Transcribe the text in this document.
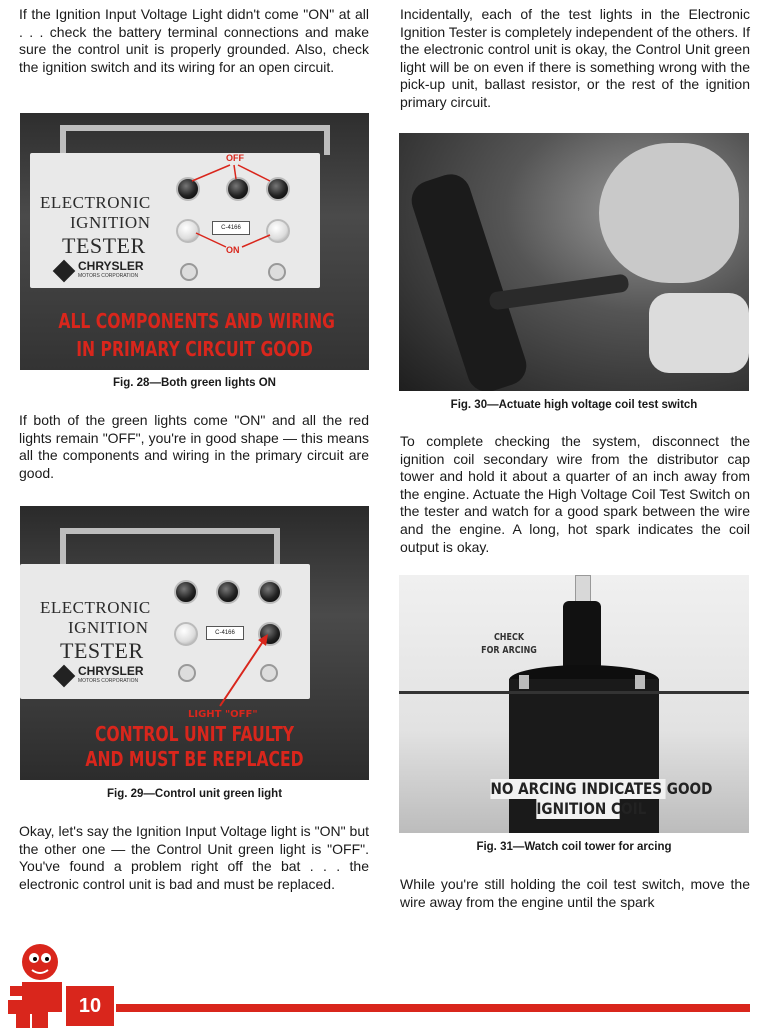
If the Ignition Input Voltage Light didn't come "ON" at all . . . check the battery terminal connections and make sure the control unit is properly grounded. Also, check the ignition switch and its wiring for an open circuit.

ELECTRONIC
IGNITION
TESTER
CHRYSLER
MOTORS CORPORATION
C-4166
OFF
ON
ALL COMPONENTS AND WIRING
IN PRIMARY CIRCUIT GOOD

Fig. 28—Both green lights ON

If both of the green lights come "ON" and all the red lights remain "OFF", you're in good shape — this means all the components and wiring in the primary circuit are good.

ELECTRONIC
IGNITION
TESTER
CHRYSLER
MOTORS CORPORATION
C-4166
LIGHT "OFF"
CONTROL UNIT FAULTY
AND MUST BE REPLACED

Fig. 29—Control unit green light

Okay, let's say the Ignition Input Voltage light is "ON" but the other one — the Control Unit green light is "OFF". You've found a problem right off the bat . . . the electronic control unit is bad and must be replaced.

Incidentally, each of the test lights in the Electronic Ignition Tester is completely independent of the others. If the electronic control unit is okay, the Control Unit green light will be on even if there is something wrong with the pick-up unit, ballast resistor, or the rest of the ignition primary circuit.

Fig. 30—Actuate high voltage coil test switch

To complete checking the system, disconnect the ignition coil secondary wire from the distributor cap tower and hold it about a quarter of an inch away from the engine. Actuate the High Voltage Coil Test Switch on the tester and watch for a good spark between the wire and the engine. A long, hot spark indicates the coil output is okay.

CHECK
FOR ARCING
NO ARCING INDICATES GOOD
IGNITION COIL

Fig. 31—Watch coil tower for arcing

While you're still holding the coil test switch, move the wire away from the engine until the spark

10
